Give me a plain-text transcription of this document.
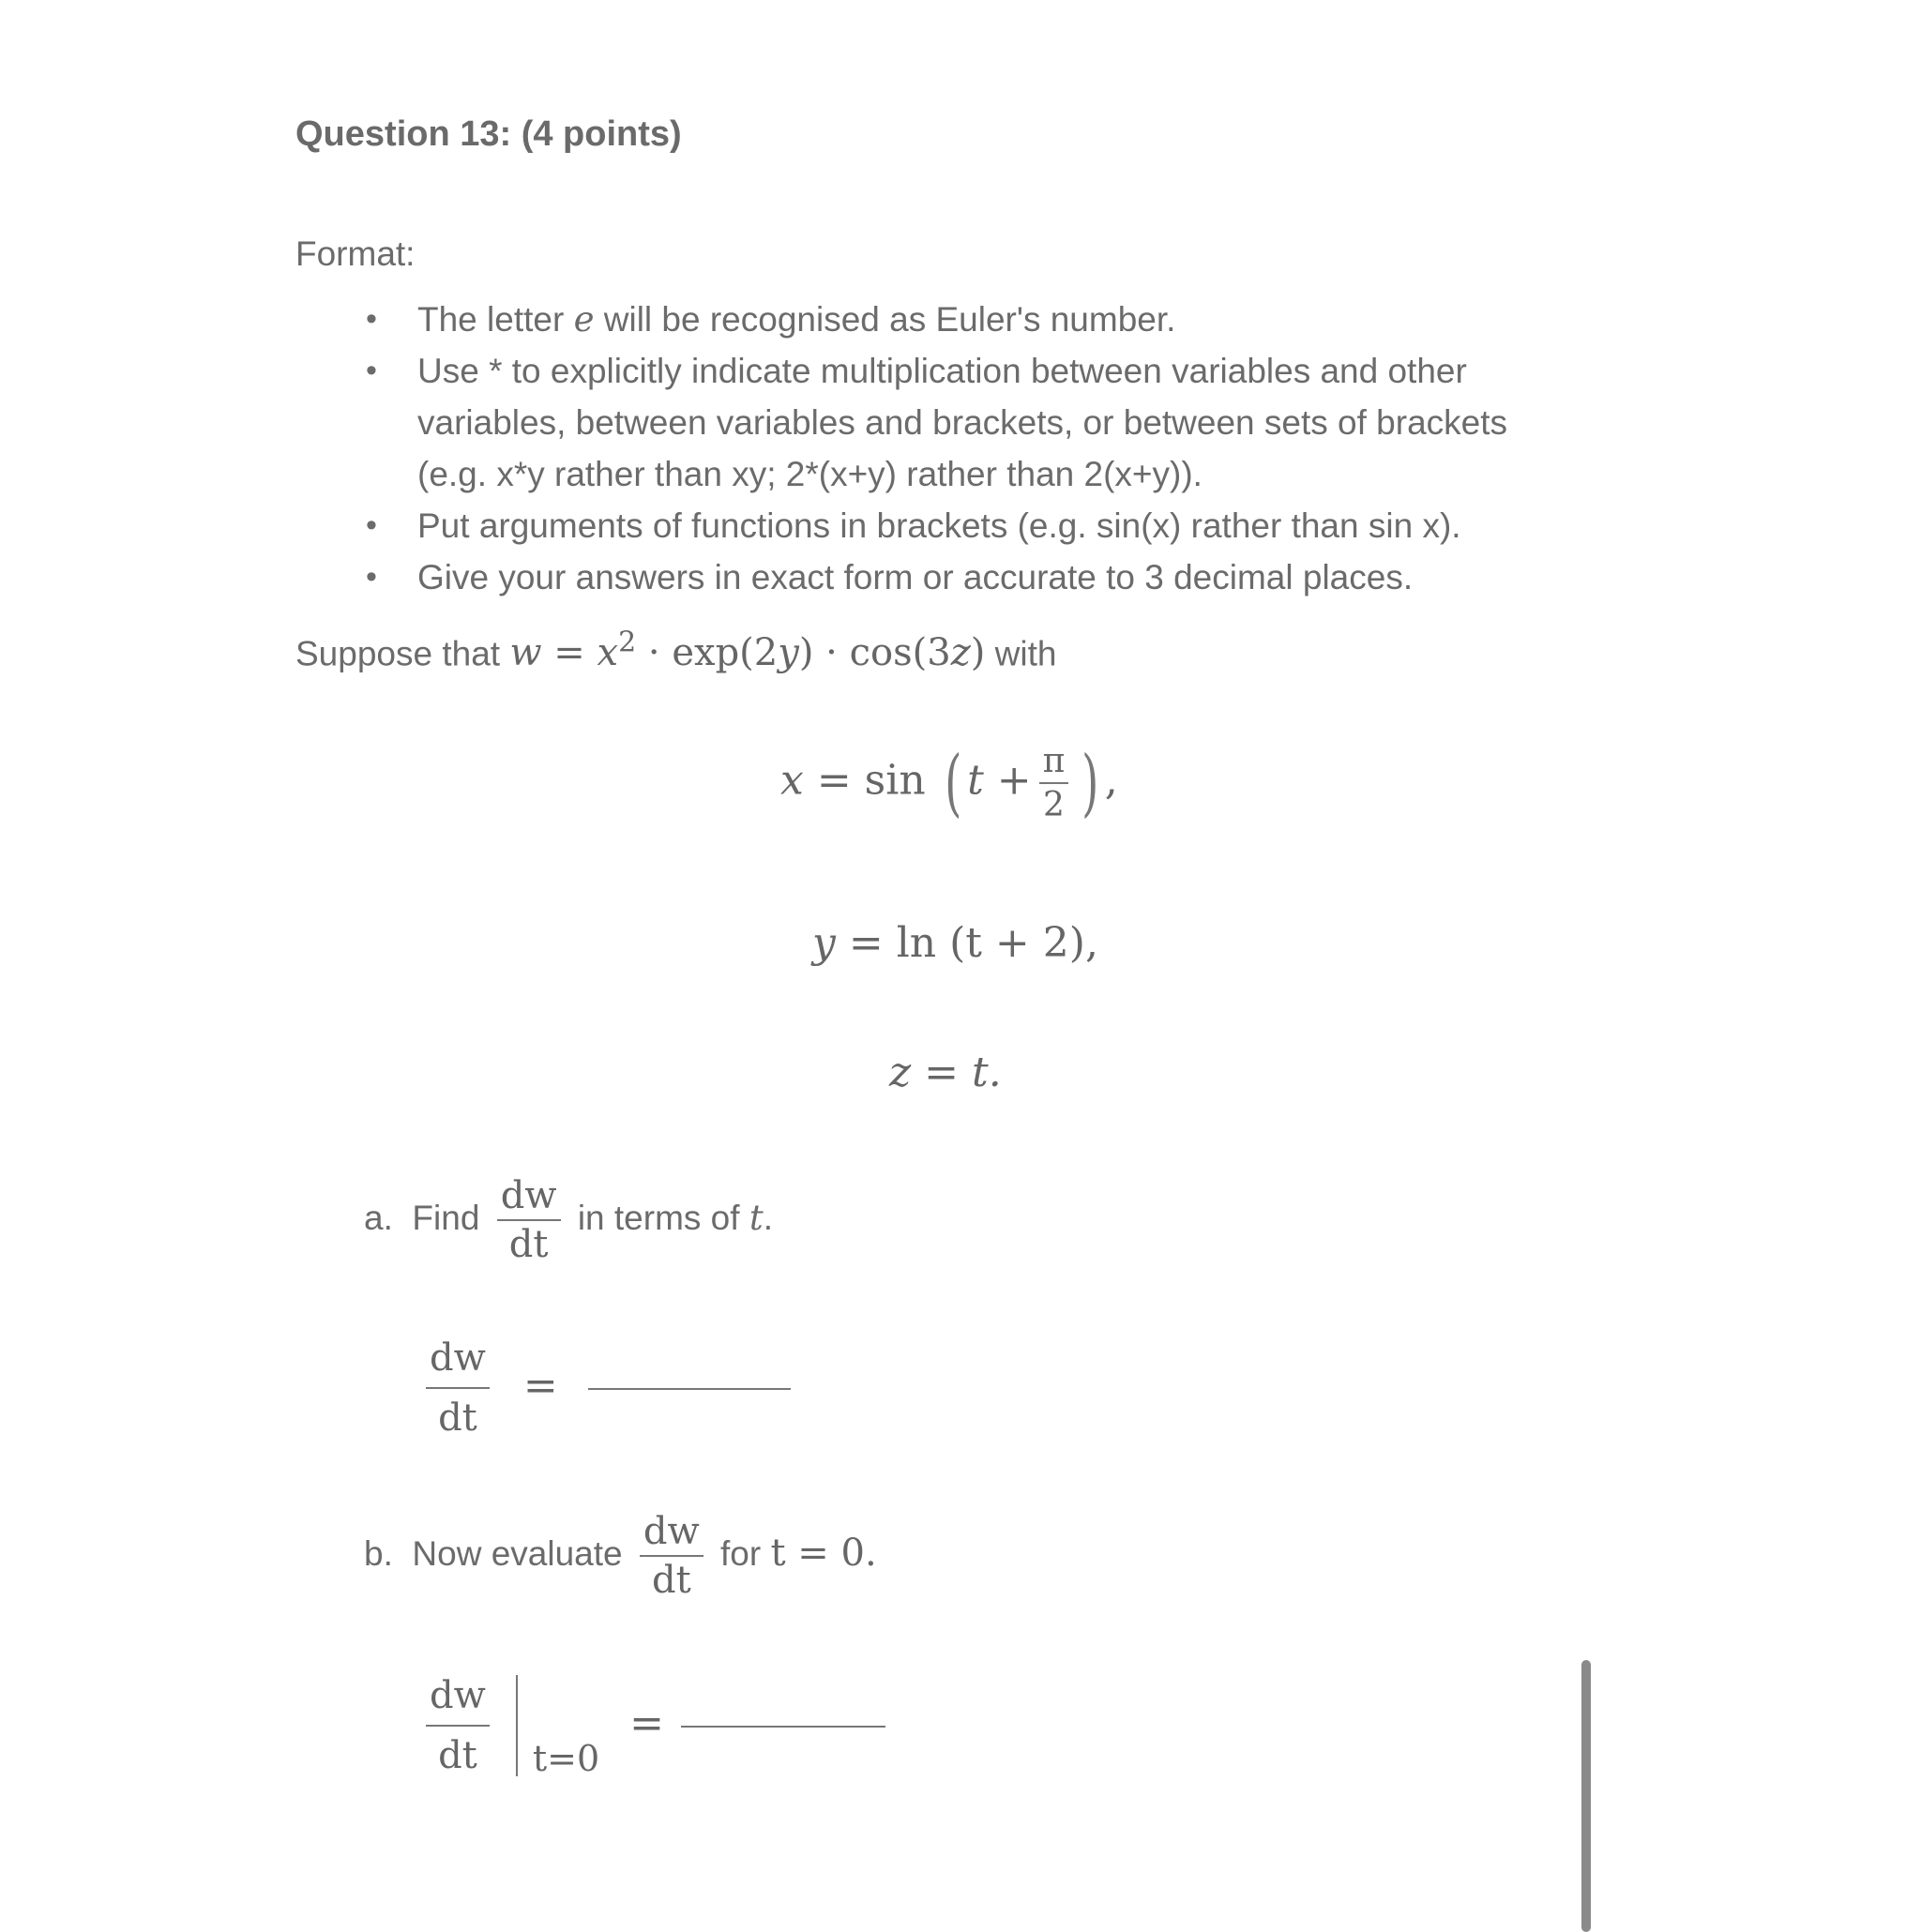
Question 13: (4 points)
Format:
• The letter e will be recognised as Euler's number.
• Use * to explicitly indicate multiplication between variables and other
variables, between variables and brackets, or between sets of brackets
(e.g. x*y rather than xy; 2*(x+y) rather than 2(x+y)).
• Put arguments of functions in brackets (e.g. sin(x) rather than sin x).
• Give your answers in exact form or accurate to 3 decimal places.
Suppose that $w = x^2 \cdot \exp(2y) \cdot \cos(3z)$ with
x = sin ( $t + \frac{\pi}{2}$ ) ,
y = ln (t + 2),
z = t.
a. Find $\frac{dw}{dt}$ in terms of t.
$\frac{dw}{dt}$ =
b. Now evaluate $\frac{dw}{dt}$ for t = 0.
$\frac{dw}{dt} t=0$ =
